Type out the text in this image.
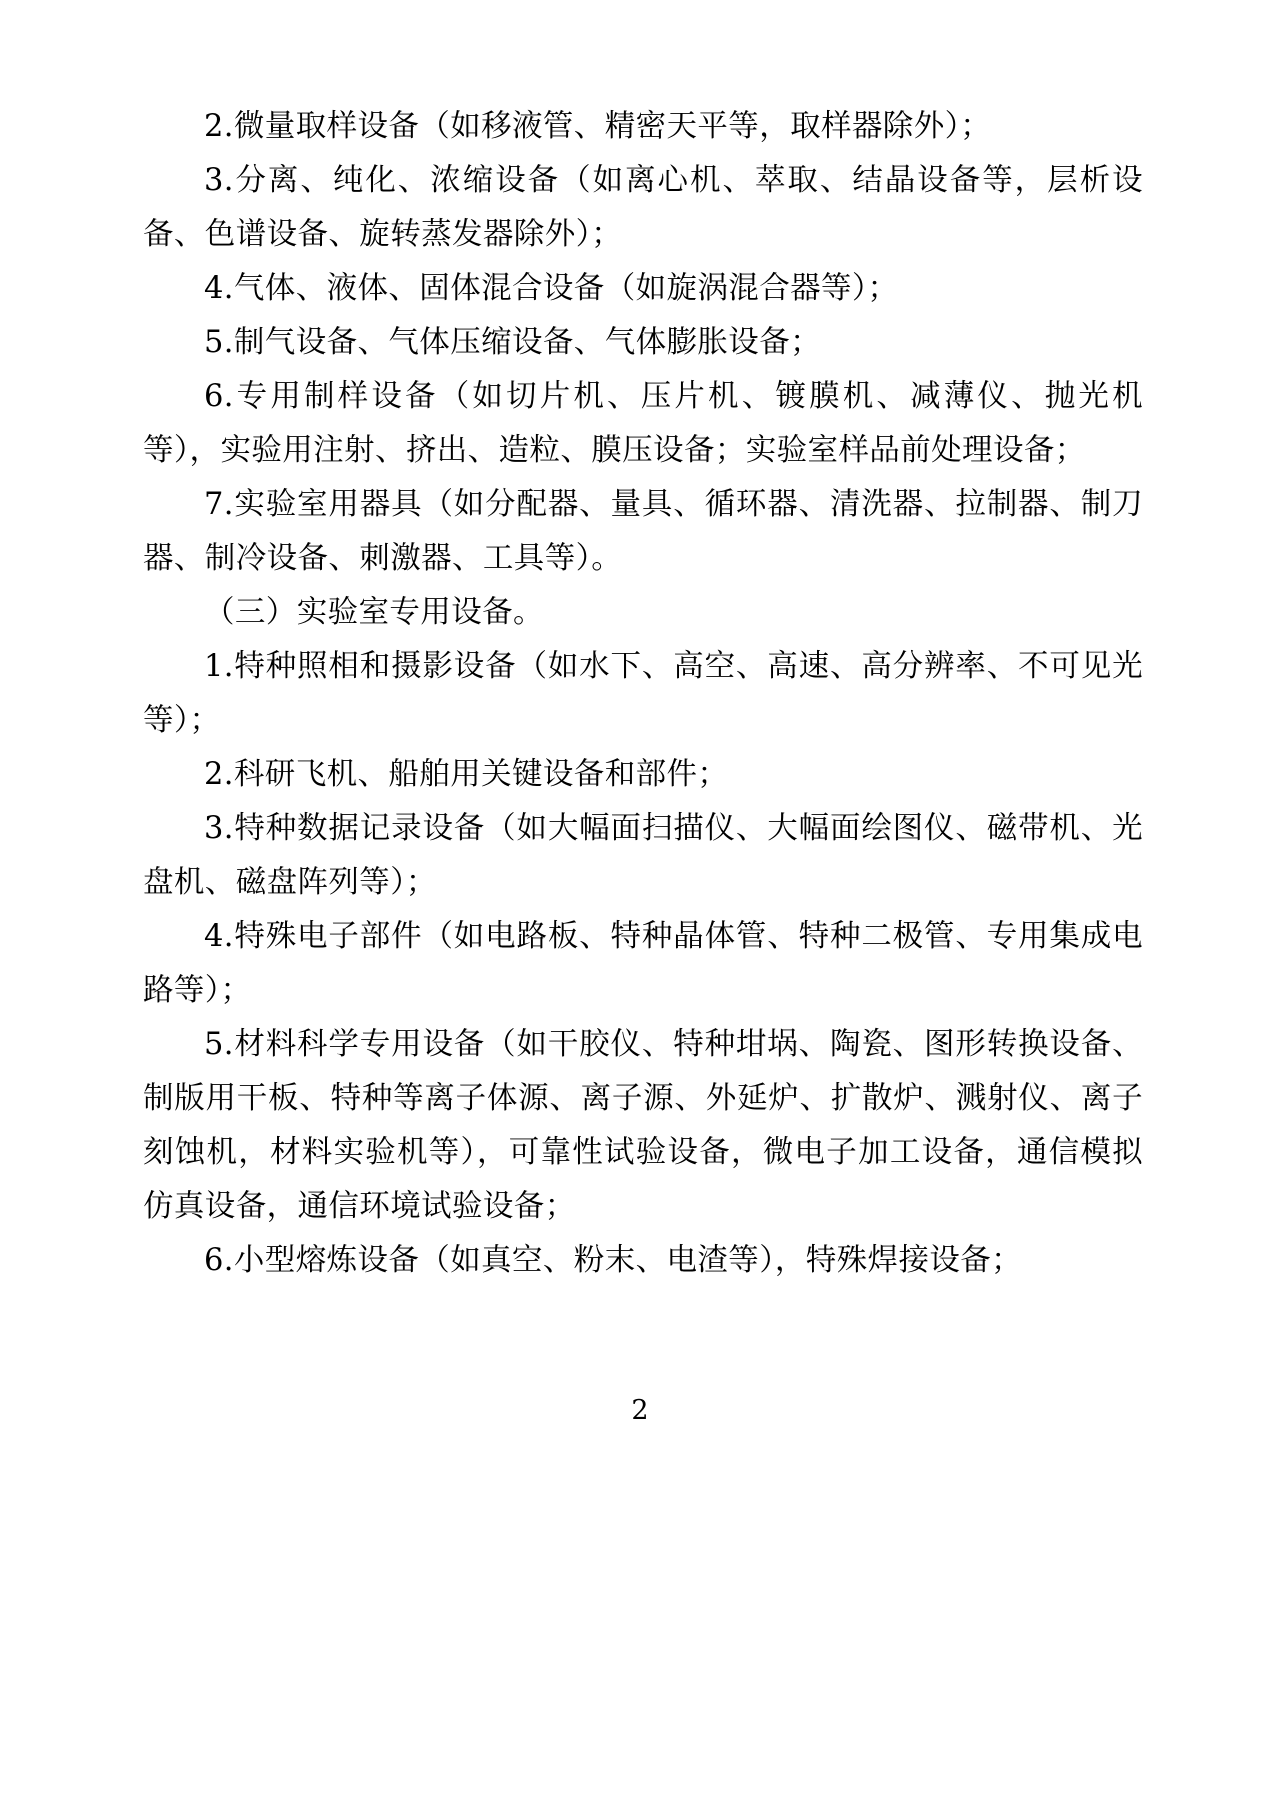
2.微量取样设备（如移液管、精密天平等，取样器除外）；

3.分离、纯化、浓缩设备（如离心机、萃取、结晶设备等，层析设备、色谱设备、旋转蒸发器除外）；

4.气体、液体、固体混合设备（如旋涡混合器等）；

5.制气设备、气体压缩设备、气体膨胀设备；

6.专用制样设备（如切片机、压片机、镀膜机、减薄仪、抛光机等），实验用注射、挤出、造粒、膜压设备；实验室样品前处理设备；

7.实验室用器具（如分配器、量具、循环器、清洗器、拉制器、制刀器、制冷设备、刺激器、工具等）。

（三）实验室专用设备。

1.特种照相和摄影设备（如水下、高空、高速、高分辨率、不可见光等）；

2.科研飞机、船舶用关键设备和部件；

3.特种数据记录设备（如大幅面扫描仪、大幅面绘图仪、磁带机、光盘机、磁盘阵列等）；

4.特殊电子部件（如电路板、特种晶体管、特种二极管、专用集成电路等）；

5.材料科学专用设备（如干胶仪、特种坩埚、陶瓷、图形转换设备、制版用干板、特种等离子体源、离子源、外延炉、扩散炉、溅射仪、离子刻蚀机，材料实验机等），可靠性试验设备，微电子加工设备，通信模拟仿真设备，通信环境试验设备；

6.小型熔炼设备（如真空、粉末、电渣等），特殊焊接设备；

2
